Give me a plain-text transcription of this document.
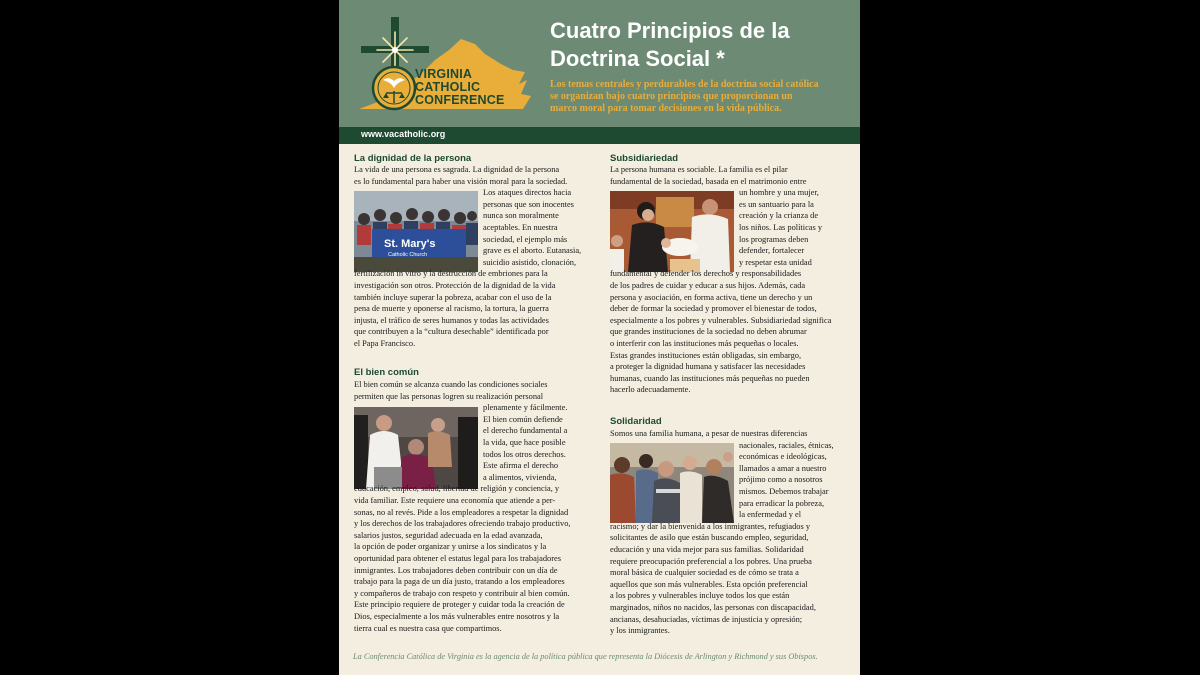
VIRGINIA
CATHOLIC
CONFERENCE
Cuatro Principios de la
Doctrina Social *
Los temas centrales y perdurables de la doctrina social católica
se organizan bajo cuatro principios que proporcionan un
marco moral para tomar decisiones en la vida pública.
www.vacatholic.org
La dignidad de la persona
El bien común
Subsidiariedad
Solidaridad
St. Mary's
Catholic Church
La Conferencia Católica de Virginia es la agencia de la política pública que representa la Diócesis de Arlington y Richmond y sus Obispos.
La vida de una persona es sagrada. La dignidad de la persona
es lo fundamental para haber una visión moral para la sociedad.
Los ataques directos hacia
personas que son inocentes
nunca son moralmente
aceptables. En nuestra
sociedad, el ejemplo más
grave es el aborto. Eutanasia,
suicidio asistido, clonación,
fertilización in vitro y la destrucción de embriones para la
investigación son otros. Protección de la dignidad de la vida
también incluye superar la pobreza, acabar con el uso de la
pena de muerte y oponerse al racismo, la tortura, la guerra
injusta, el tráfico de seres humanos y todas las actividades
que contribuyen a la “cultura desechable” identificada por
el Papa Francisco.
El bien común se alcanza cuando las condiciones sociales
permiten que las personas logren su realización personal
plenamente y fácilmente.
El bien común defiende
el derecho fundamental a
la vida, que hace posible
todos los otros derechos.
Este afirma el derecho
a alimentos, vivienda,
educación, empleo, salud, libertad de religión y conciencia, y
vida familiar. Este requiere una economía que atiende a per-
sonas, no al revés. Pide a los empleadores a respetar la dignidad
y los derechos de los trabajadores ofreciendo trabajo productivo,
salarios justos, seguridad adecuada en la edad avanzada,
la opción de poder organizar y unirse a los sindicatos y la
oportunidad para obtener el estatus legal para los trabajadores
inmigrantes. Los trabajadores deben contribuir con un día de
trabajo para la paga de un día justo, tratando a los empleadores
y compañeros de trabajo con respeto y contribuir al bien común.
Este principio requiere de proteger y cuidar toda la creación de
Dios, especialmente a los más vulnerables entre nosotros y la
tierra cual es nuestra casa que compartimos.
La persona humana es sociable. La familia es el pilar
fundamental de la sociedad, basada en el matrimonio entre
un hombre y una mujer,
es un santuario para la
creación y la crianza de
los niños. Las políticas y
los programas deben
defender, fortalecer
y respetar esta unidad
fundamental y defender los derechos y responsabilidades
de los padres de cuidar y educar a sus hijos. Además, cada
persona y asociación, en forma activa, tiene un derecho y un
deber de formar la sociedad y promover el bienestar de todos,
especialmente a los pobres y vulnerables. Subsidiariedad significa
que grandes instituciones de la sociedad no deben abrumar
o interferir con las instituciones más pequeñas o locales.
Estas grandes instituciones están obligadas, sin embargo,
a proteger la dignidad humana y satisfacer las necesidades
humanas, cuando las instituciones más pequeñas no pueden
hacerlo adecuadamente.
Somos una familia humana, a pesar de nuestras diferencias
nacionales, raciales, étnicas,
económicas e ideológicas,
llamados a amar a nuestro
prójimo como a nosotros
mismos. Debemos trabajar
para erradicar la pobreza,
la enfermedad y el
racismo; y dar la bienvenida a los inmigrantes, refugiados y
solicitantes de asilo que están buscando empleo, seguridad,
educación y una vida mejor para sus familias. Solidaridad
requiere preocupación preferencial a los pobres. Una prueba
moral básica de cualquier sociedad es de cómo se trata a
aquellos que son más vulnerables. Esta opción preferencial
a los pobres y vulnerables incluye todos los que están
marginados, niños no nacidos, las personas con discapacidad,
ancianas, desahuciadas, víctimas de injusticia y opresión;
y los inmigrantes.
